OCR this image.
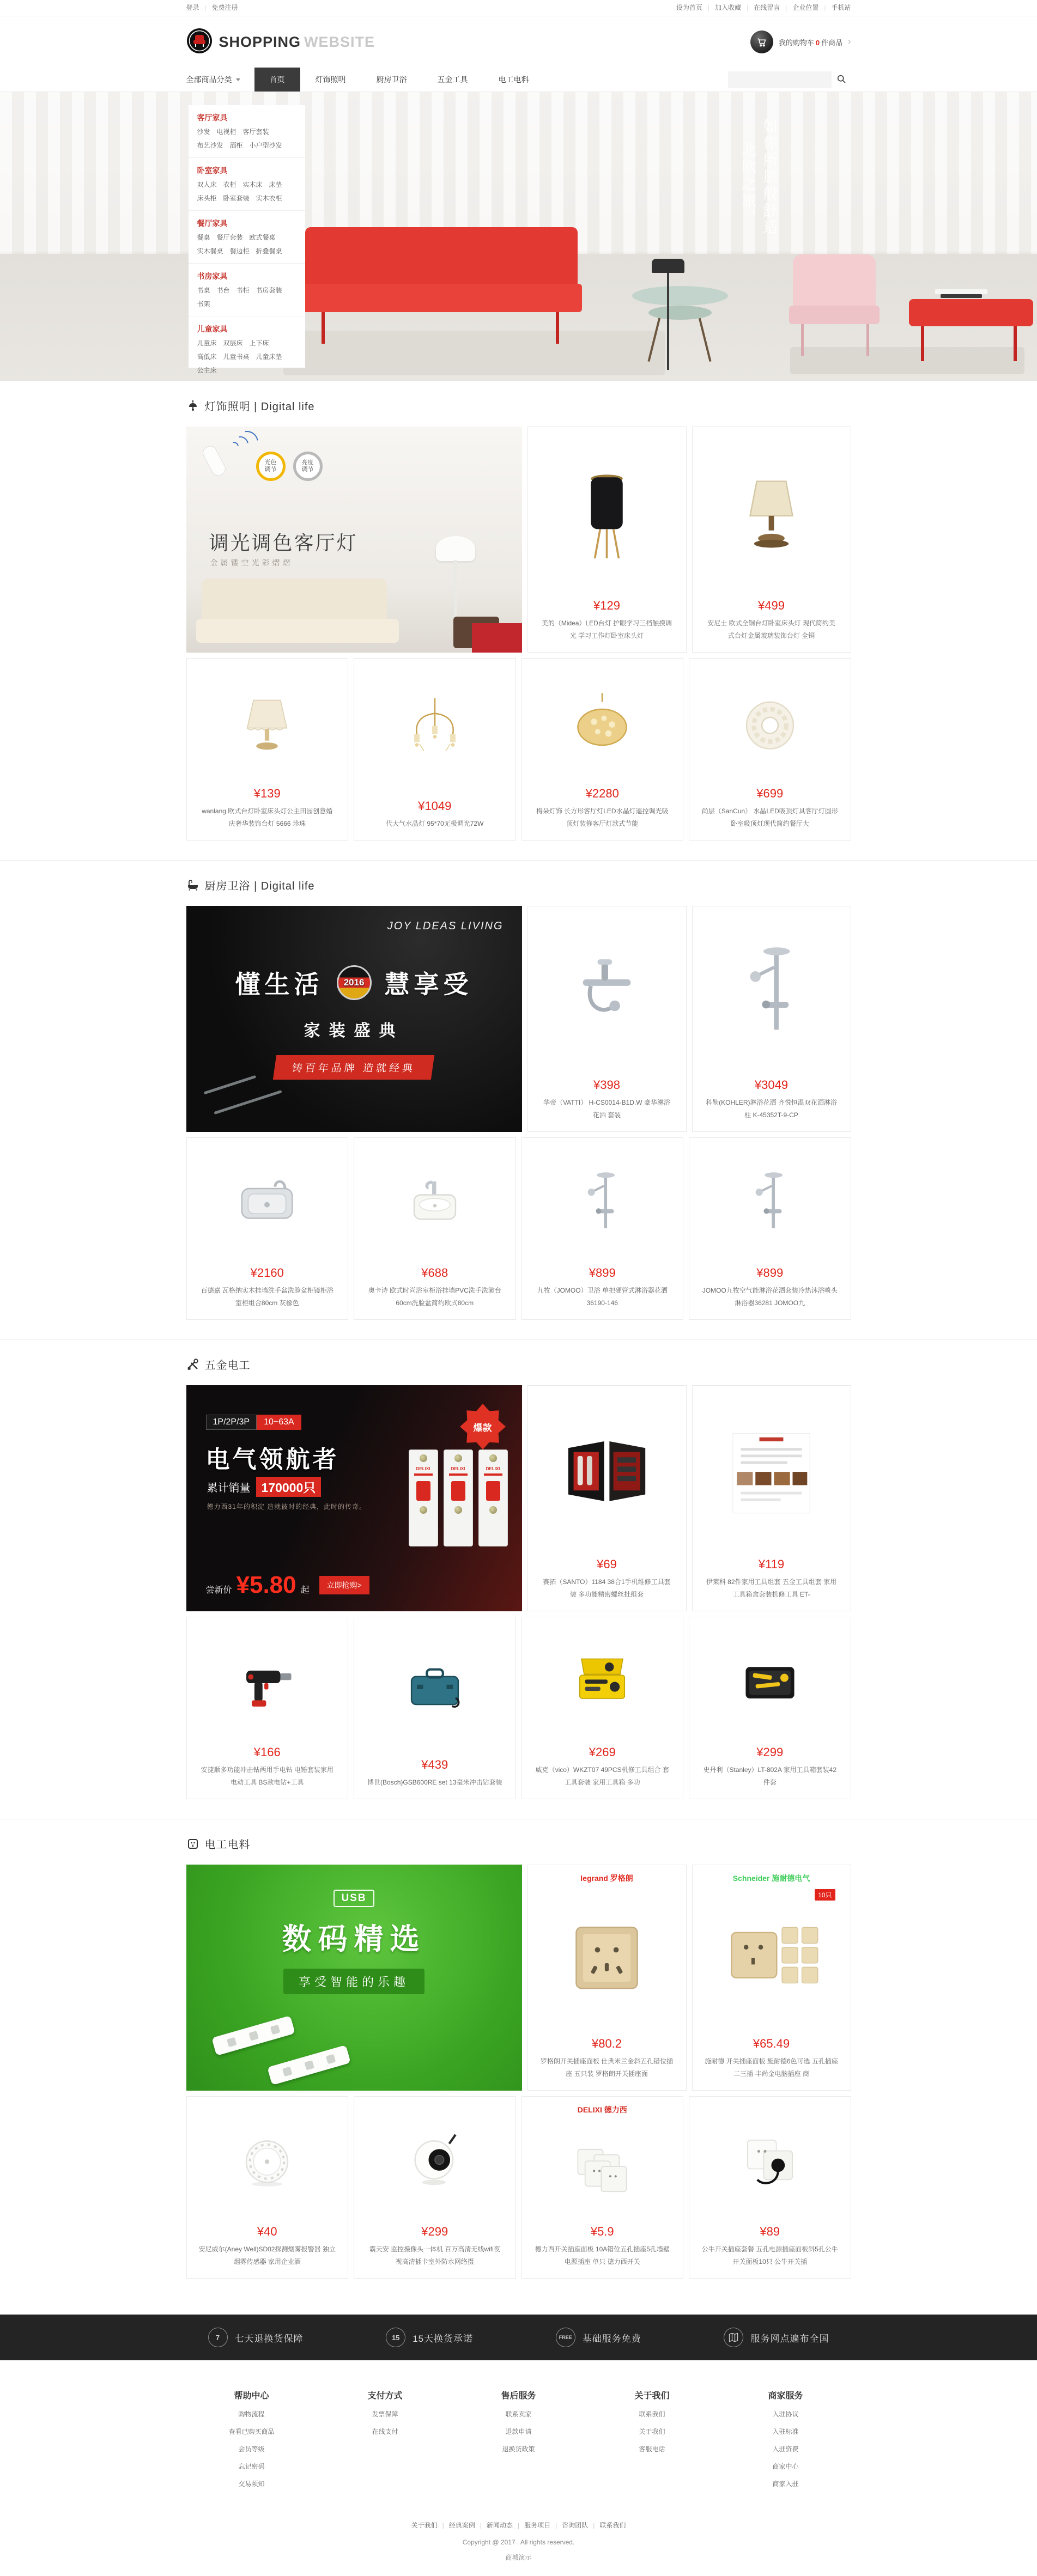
登录 | 免费注册	设为首页 | 加入收藏 | 在线留言 | 企业位置 | 手机站
SHOPPING WEBSITE	我的购物车 0 件商品 ›
全部商品分类	首页	灯饰照明	厨房卫浴	五金工具	电工电料
如你所愿般舒适。
北欧之旅，
客厅家具
沙发 电视柜 客厅套装布艺沙发 酒柜 小户型沙发
卧室家具
双人床 衣柜 实木床 床垫床头柜 卧室套装 实木衣柜
餐厅家具
餐桌 餐厅套装 欧式餐桌实木餐桌 餐边柜 折叠餐桌
书房家具
书桌 书台 书柜 书房套装书架
儿童家具
儿童床 双层床 上下床高低床 儿童书桌 儿童床垫公主床
灯饰照明 | Digital life
光色调节
亮度调节
调光调色客厅灯
金属镂空光彩熠熠
¥129
美的（Midea）LED台灯 护眼学习三档触摸调光 学习工作灯卧室床头灯
¥499
安尼士 欧式全铜台灯卧室床头灯 现代简约美式台灯金属玻璃装饰台灯 全铜
¥139
wanlang 欧式台灯卧室床头灯公主田园创意婚庆奢华装饰台灯 5666 珍珠
¥1049
代大气水晶灯 95*70无极调光72W
¥2280
梅朵灯饰 长方形客厅灯LED水晶灯遥控调光吸顶灯装修客厅灯款式节能
¥699
尚层（SanCun） 水晶LED吸顶灯具客厅灯圆形卧室吸顶灯现代简约餐厅大
厨房卫浴 | Digital life
JOY LDEAS LIVING
懂生活 2016 慧享受
家装盛典
铸百年品牌 造就经典
¥398
华帝（VATTI） H-CS0014-B1D.W 豪华淋浴 花洒 套装
¥3049
科勒(KOHLER)淋浴花洒 齐悦恒温双花洒淋浴柱 K-45352T-9-CP
¥2160
百德嘉 瓦格纳实木挂墙洗手盆洗脸盆柜镜柜浴室柜组合80cm 灰橡色
¥688
奥卡诗 欧式时尚浴室柜浴挂墙PVC洗手洗漱台60cm洗脸盆简约欧式80cm
¥899
九牧（JOMOO）卫浴 单把硬管式淋浴器花洒36190-146
¥899
JOMOO九牧空气能淋浴花洒套装冷热沐浴喷头淋浴器36281 JOMOO九
五金电工
1P/2P/3P	10~63A
电气领航者
累计销量 170000只
德力西31年的积淀 造就彼时的经典，此时的传奇。
尝新价 ¥5.80 起
立即抢购>
DELIXI	DELIXI	DELIXI
爆款
¥69
赛拓（SANTO）1184 38合1手机维修工具套装 多功能精密螺丝批组套
¥119
伊莱科 82件家用工具组套 五金工具组套 家用工具箱盒套装机修工具 ET-
¥166
安捷顺多功能冲击钻两用手电钻 电锤套装家用电动工具 BS款电钻+工具
¥439
博世(Bosch)GSB600RE set 13毫米冲击钻套装
¥269
威克（vico）WKZT07 49PCS机修工具组合 套工具套装 家用工具箱 多功
¥299
史丹利（Stanley）LT-802A 家用工具箱套装42件套
电工电料
USB
数码精选
享受智能的乐趣
legrand 罗格朗
¥80.2
罗格朗开关插座面板 仕典米兰金斜五孔错位插座 五只装 罗格朗开关插座面
Schneider 施耐德电气
10只
¥65.49
施耐德 开关插座面板 施耐德6色可选 五孔插座 二三插 丰尚金电脑插座 商
¥40
安尼威尔(Aney Well)SD02探测烟雾报警器 独立烟雾传感器 家用企业酒
¥299
霸天安 监控摄像头一体机 百万高清无线wifi夜视高清插卡室外防水网络摄
DELIXI 德力西
¥5.9
德力西开关插座面板 10A错位五孔插座5孔墙壁电源插座 单只 德力西开关
¥89
公牛开关插座套餐 五孔电源插座面板斜5孔公牛开关面板10只 公牛开关插
7	七天退换货保障	15	15天换货承诺	FREE	基础服务免费	服务网点遍布全国
帮助中心
购物流程
查看已购买商品
会员等级
忘记密码
交易须知
支付方式
发票保障
在线支付
售后服务
联系卖家
退款申请
退换货政策
关于我们
联系我们
关于我们
客服电话
商家服务
入驻协议
入驻标准
入驻资费
商家中心
商家入驻
关于我们 | 经典案例 | 新闻动态 | 服务项目 | 咨询团队 | 联系我们
Copyright @ 2017 . All rights reserved.
商城演示
